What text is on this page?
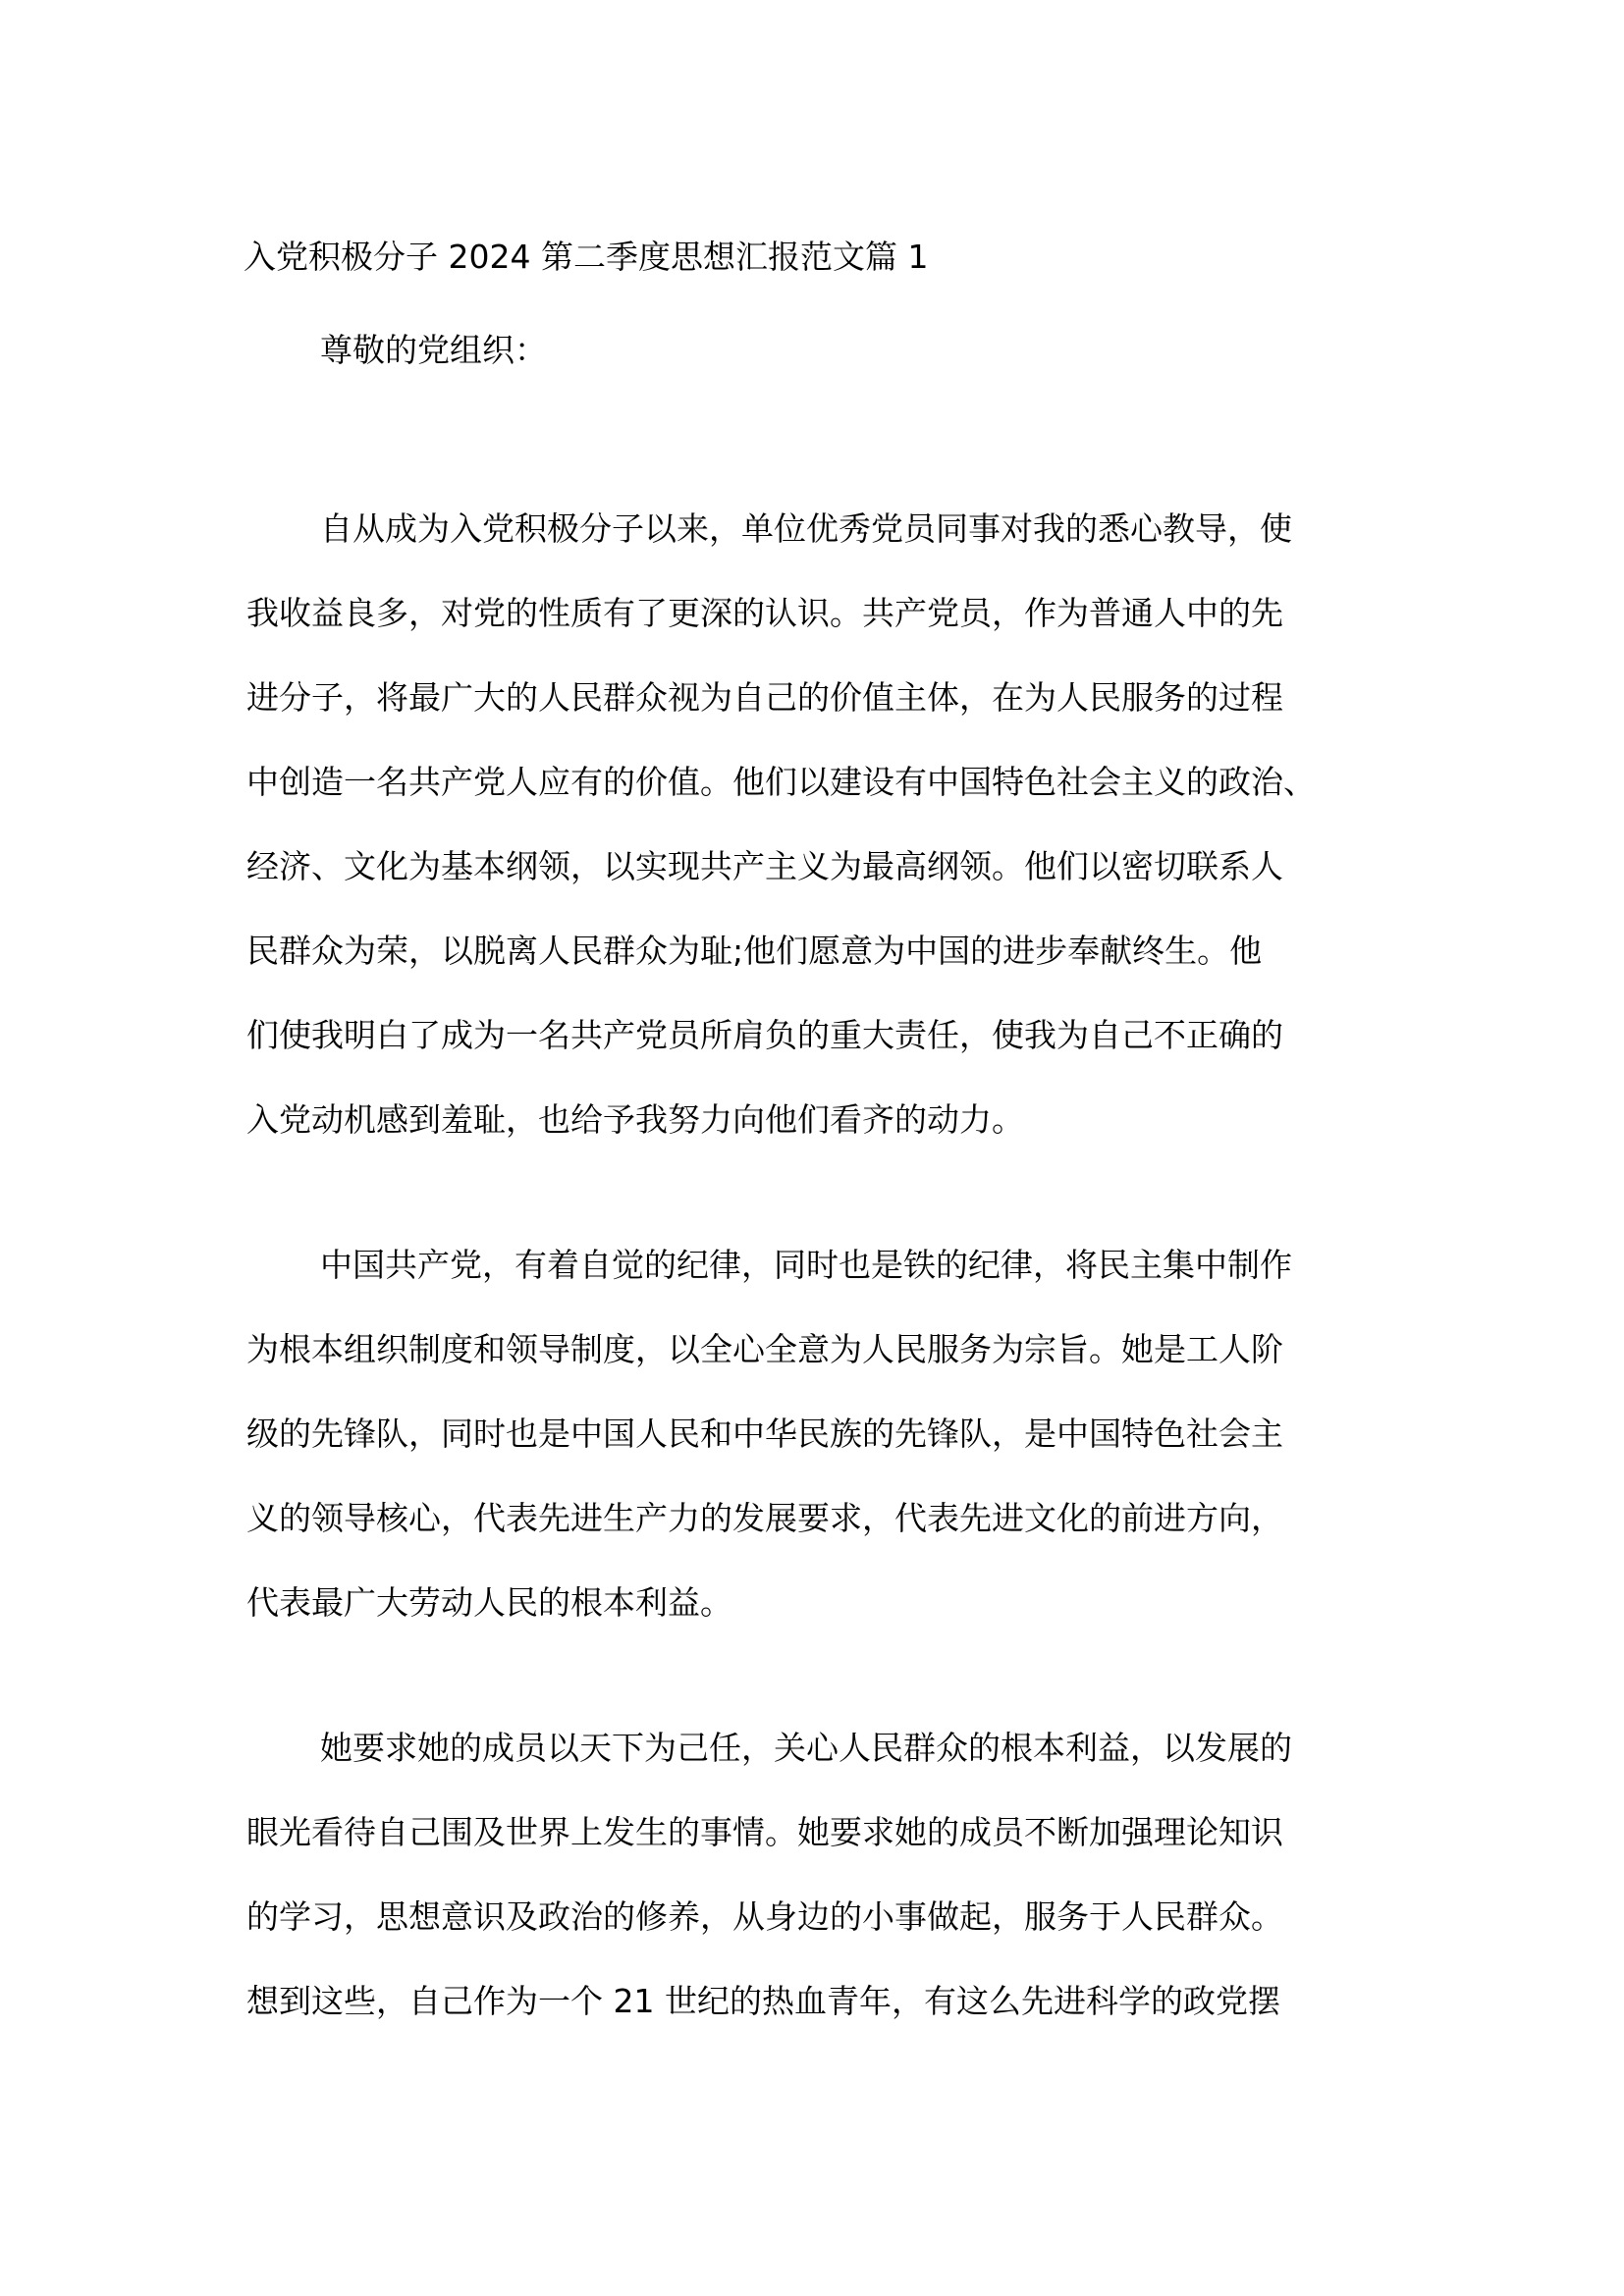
入党积极分子 2024 第二季度思想汇报范文篇 1
尊敬的党组织：
自从成为入党积极分子以来，单位优秀党员同事对我的悉心教导，使
我收益良多，对党的性质有了更深的认识。共产党员，作为普通人中的先
进分子，将最广大的人民群众视为自己的价值主体，在为人民服务的过程
中创造一名共产党人应有的价值。他们以建设有中国特色社会主义的政治、
经济、文化为基本纲领，以实现共产主义为最高纲领。他们以密切联系人
民群众为荣，以脱离人民群众为耻;他们愿意为中国的进步奉献终生。他
们使我明白了成为一名共产党员所肩负的重大责任，使我为自己不正确的
入党动机感到羞耻，也给予我努力向他们看齐的动力。
中国共产党，有着自觉的纪律，同时也是铁的纪律，将民主集中制作
为根本组织制度和领导制度，以全心全意为人民服务为宗旨。她是工人阶
级的先锋队，同时也是中国人民和中华民族的先锋队，是中国特色社会主
义的领导核心，代表先进生产力的发展要求，代表先进文化的前进方向，
代表最广大劳动人民的根本利益。
她要求她的成员以天下为己任，关心人民群众的根本利益，以发展的
眼光看待自己围及世界上发生的事情。她要求她的成员不断加强理论知识
的学习，思想意识及政治的修养，从身边的小事做起，服务于人民群众。
想到这些，自己作为一个 21 世纪的热血青年，有这么先进科学的政党摆
